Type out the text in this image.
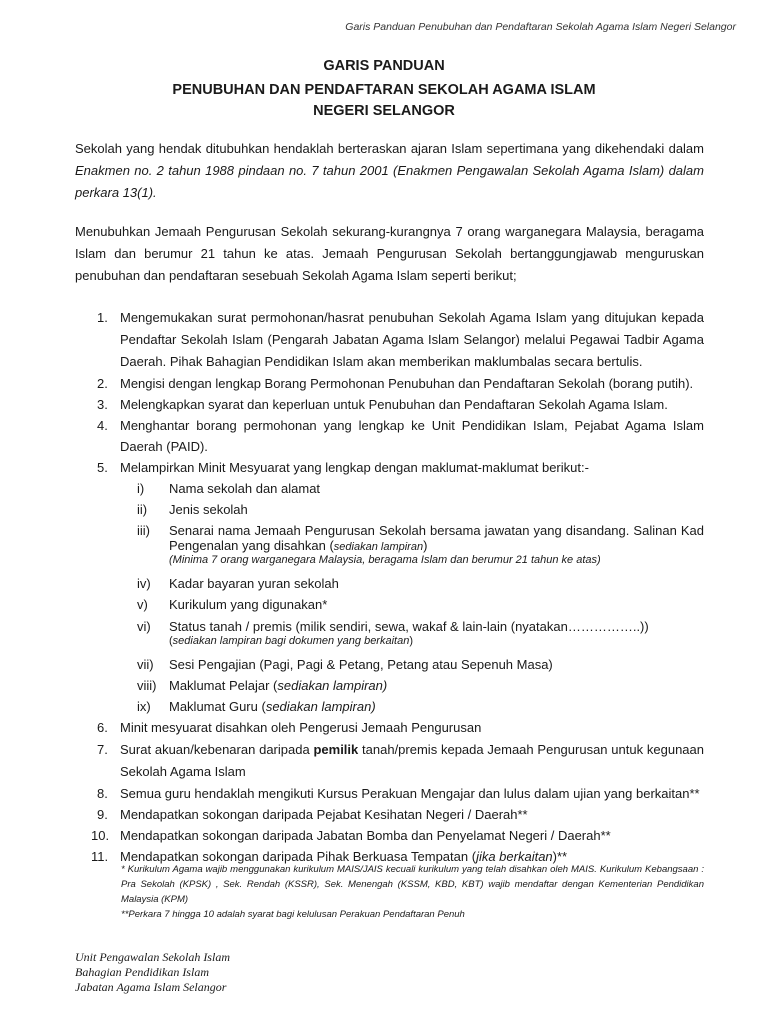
Garis Panduan Penubuhan dan Pendaftaran Sekolah Agama Islam Negeri Selangor
GARIS PANDUAN
PENUBUHAN DAN PENDAFTARAN SEKOLAH AGAMA ISLAM
NEGERI SELANGOR
Sekolah yang hendak ditubuhkan hendaklah berteraskan ajaran Islam sepertimana yang dikehendaki dalam Enakmen no. 2 tahun 1988 pindaan no. 7 tahun 2001 (Enakmen Pengawalan Sekolah Agama Islam) dalam perkara 13(1).
Menubuhkan Jemaah Pengurusan Sekolah sekurang-kurangnya 7 orang warganegara Malaysia, beragama Islam dan berumur 21 tahun ke atas. Jemaah Pengurusan Sekolah bertanggungjawab menguruskan penubuhan dan pendaftaran sesebuah Sekolah Agama Islam seperti berikut;
1. Mengemukakan surat permohonan/hasrat penubuhan Sekolah Agama Islam yang ditujukan kepada Pendaftar Sekolah Islam (Pengarah Jabatan Agama Islam Selangor) melalui Pegawai Tadbir Agama Daerah. Pihak Bahagian Pendidikan Islam akan memberikan maklumbalas secara bertulis.
2. Mengisi dengan lengkap Borang Permohonan Penubuhan dan Pendaftaran Sekolah (borang putih).
3. Melengkapkan syarat dan keperluan untuk Penubuhan dan Pendaftaran Sekolah Agama Islam.
4. Menghantar borang permohonan yang lengkap ke Unit Pendidikan Islam, Pejabat Agama Islam Daerah (PAID).
5. Melampirkan Minit Mesyuarat yang lengkap dengan maklumat-maklumat berikut:-
i) Nama sekolah dan alamat
ii) Jenis sekolah
iii) Senarai nama Jemaah Pengurusan Sekolah bersama jawatan yang disandang. Salinan Kad Pengenalan yang disahkan (sediakan lampiran)
(Minima 7 orang warganegara Malaysia, beragama Islam dan berumur 21 tahun ke atas)
iv) Kadar bayaran yuran sekolah
v) Kurikulum yang digunakan*
vi) Status tanah / premis (milik sendiri, sewa, wakaf & lain-lain (nyatakan……………..))
(sediakan lampiran bagi dokumen yang berkaitan)
vii) Sesi Pengajian (Pagi, Pagi & Petang, Petang atau Sepenuh Masa)
viii) Maklumat Pelajar (sediakan lampiran)
ix) Maklumat Guru (sediakan lampiran)
6. Minit mesyuarat disahkan oleh Pengerusi Jemaah Pengurusan
7. Surat akuan/kebenaran daripada pemilik tanah/premis kepada Jemaah Pengurusan untuk kegunaan Sekolah Agama Islam
8. Semua guru hendaklah mengikuti Kursus Perakuan Mengajar dan lulus dalam ujian yang berkaitan**
9. Mendapatkan sokongan daripada Pejabat Kesihatan Negeri / Daerah**
10. Mendapatkan sokongan daripada Jabatan Bomba dan Penyelamat Negeri / Daerah**
11. Mendapatkan sokongan daripada Pihak Berkuasa Tempatan (jika berkaitan)**
* Kurikulum Agama wajib menggunakan kurikulum MAIS/JAIS kecuali kurikulum yang telah disahkan oleh MAIS. Kurikulum Kebangsaan : Pra Sekolah (KPSK) , Sek. Rendah (KSSR), Sek. Menengah (KSSM, KBD, KBT) wajib mendaftar dengan Kementerian Pendidikan Malaysia (KPM)
**Perkara 7 hingga 10 adalah syarat bagi kelulusan Perakuan Pendaftaran Penuh
Unit Pengawalan Sekolah Islam
Bahagian Pendidikan Islam
Jabatan Agama Islam Selangor
